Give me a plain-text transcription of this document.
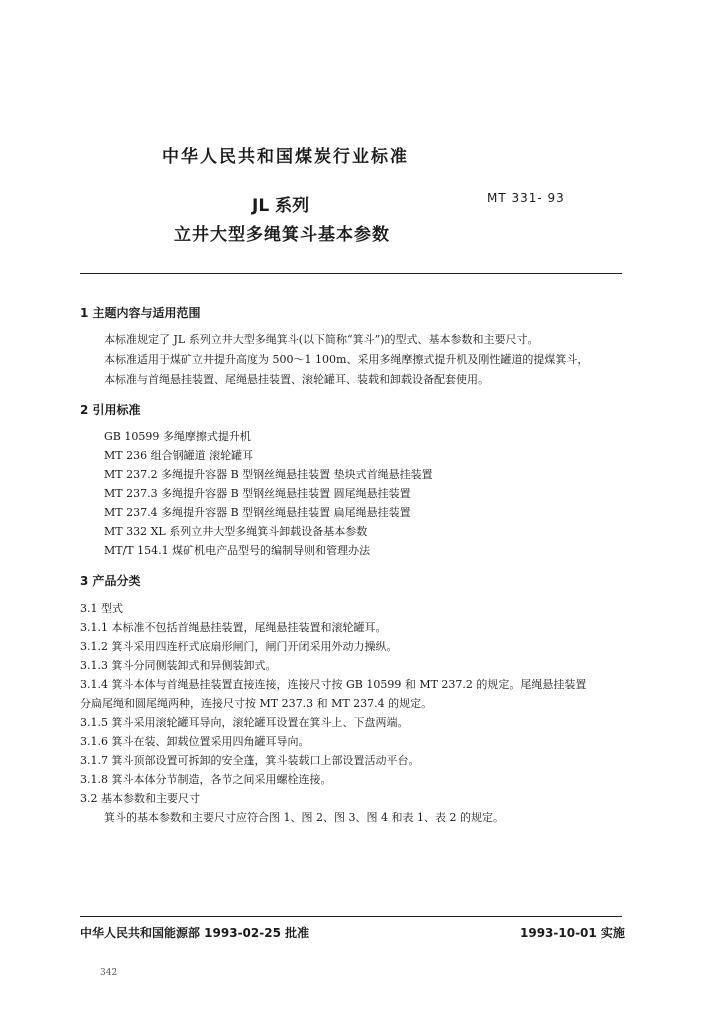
中华人民共和国煤炭行业标准
JL 系列	MT 331- 93
立井大型多绳箕斗基本参数
1 主题内容与适用范围
本标准规定了 JL 系列立井大型多绳箕斗(以下简称“箕斗”)的型式、基本参数和主要尺寸。
本标准适用于煤矿立井提升高度为 500～1 100m、采用多绳摩擦式提升机及刚性罐道的提煤箕斗，
本标准与首绳悬挂装置、尾绳悬挂装置、滚轮罐耳、装载和卸载设备配套使用。
2 引用标准
GB 10599 多绳摩擦式提升机
MT 236 组合钢罐道 滚轮罐耳
MT 237.2 多绳提升容器 B 型钢丝绳悬挂装置 垫块式首绳悬挂装置
MT 237.3 多绳提升容器 B 型钢丝绳悬挂装置 圆尾绳悬挂装置
MT 237.4 多绳提升容器 B 型钢丝绳悬挂装置 扁尾绳悬挂装置
MT 332 XL 系列立井大型多绳箕斗卸载设备基本参数
MT/T 154.1 煤矿机电产品型号的编制导则和管理办法
3 产品分类
3.1 型式
3.1.1 本标准不包括首绳悬挂装置，尾绳悬挂装置和滚轮罐耳。
3.1.2 箕斗采用四连杆式底扇形闸门，闸门开闭采用外动力操纵。
3.1.3 箕斗分同侧装卸式和异侧装卸式。
3.1.4 箕斗本体与首绳悬挂装置直接连接，连接尺寸按 GB 10599 和 MT 237.2 的规定。尾绳悬挂装置
分扁尾绳和圆尾绳两种，连接尺寸按 MT 237.3 和 MT 237.4 的规定。
3.1.5 箕斗采用滚轮罐耳导向，滚轮罐耳设置在箕斗上、下盘两端。
3.1.6 箕斗在装、卸载位置采用四角罐耳导向。
3.1.7 箕斗顶部设置可拆卸的安全蓬，箕斗装载口上部设置活动平台。
3.1.8 箕斗本体分节制造，各节之间采用螺栓连接。
3.2 基本参数和主要尺寸
箕斗的基本参数和主要尺寸应符合图 1、图 2、图 3、图 4 和表 1、表 2 的规定。
中华人民共和国能源部 1993-02-25 批准	1993-10-01 实施
342
